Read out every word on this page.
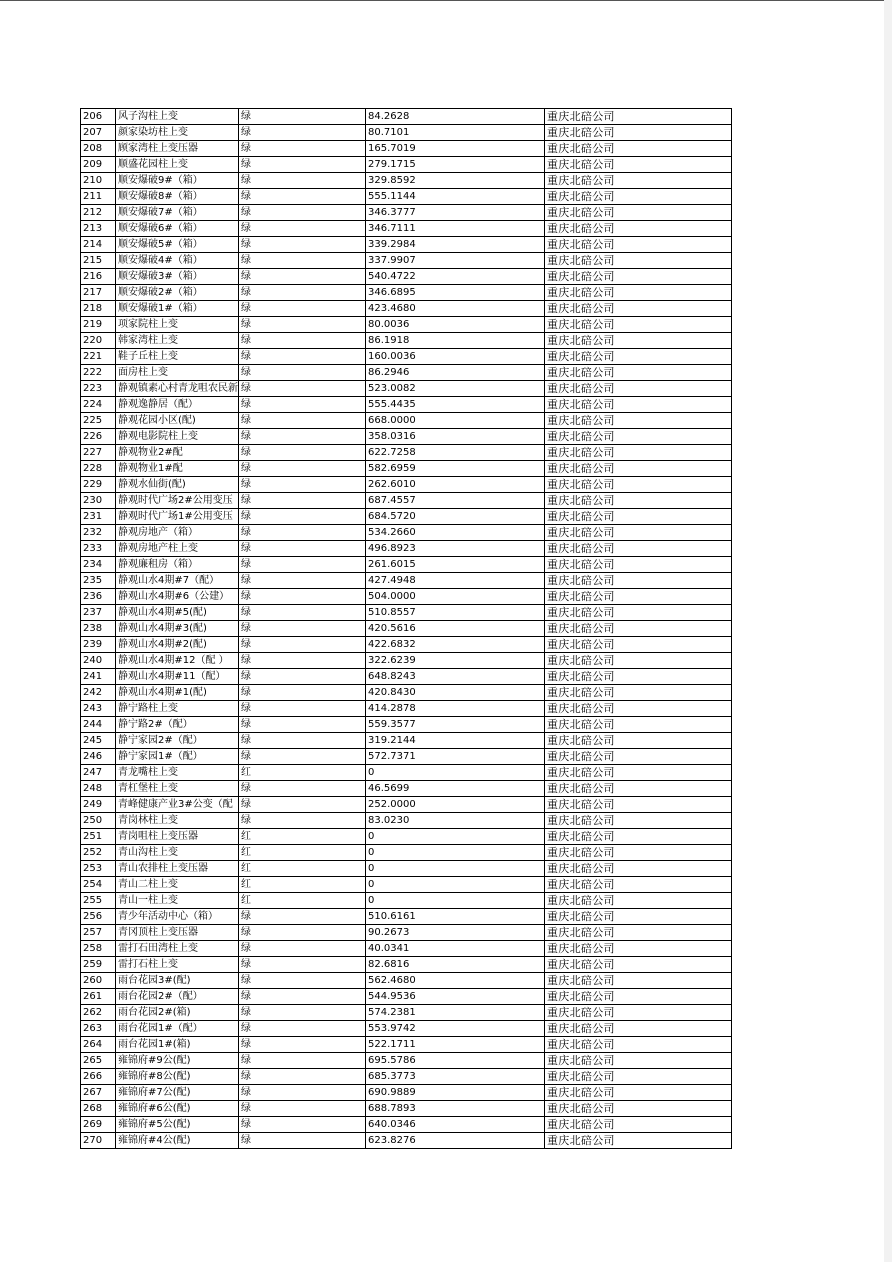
206	风子沟柱上变	绿	84.2628	重庆北碚公司
207	颜家染坊柱上变	绿	80.7101	重庆北碚公司
208	顾家湾柱上变压器	绿	165.7019	重庆北碚公司
209	顺盛花园柱上变	绿	279.1715	重庆北碚公司
210	顺安爆破9#（箱）	绿	329.8592	重庆北碚公司
211	顺安爆破8#（箱）	绿	555.1144	重庆北碚公司
212	顺安爆破7#（箱）	绿	346.3777	重庆北碚公司
213	顺安爆破6#（箱）	绿	346.7111	重庆北碚公司
214	顺安爆破5#（箱）	绿	339.2984	重庆北碚公司
215	顺安爆破4#（箱）	绿	337.9907	重庆北碚公司
216	顺安爆破3#（箱）	绿	540.4722	重庆北碚公司
217	顺安爆破2#（箱）	绿	346.6895	重庆北碚公司
218	顺安爆破1#（箱）	绿	423.4680	重庆北碚公司
219	项家院柱上变	绿	80.0036	重庆北碚公司
220	韩家湾柱上变	绿	86.1918	重庆北碚公司
221	鞋子丘柱上变	绿	160.0036	重庆北碚公司
222	面房柱上变	绿	86.2946	重庆北碚公司
223	静观镇素心村青龙咀农民新	绿	523.0082	重庆北碚公司
224	静观逸静居（配）	绿	555.4435	重庆北碚公司
225	静观花园小区(配)	绿	668.0000	重庆北碚公司
226	静观电影院柱上变	绿	358.0316	重庆北碚公司
227	静观物业2#配	绿	622.7258	重庆北碚公司
228	静观物业1#配	绿	582.6959	重庆北碚公司
229	静观水仙街(配)	绿	262.6010	重庆北碚公司
230	静观时代广场2#公用变压	绿	687.4557	重庆北碚公司
231	静观时代广场1#公用变压	绿	684.5720	重庆北碚公司
232	静观房地产（箱）	绿	534.2660	重庆北碚公司
233	静观房地产柱上变	绿	496.8923	重庆北碚公司
234	静观廉租房（箱）	绿	261.6015	重庆北碚公司
235	静观山水4期#7（配）	绿	427.4948	重庆北碚公司
236	静观山水4期#6（公建）	绿	504.0000	重庆北碚公司
237	静观山水4期#5(配)	绿	510.8557	重庆北碚公司
238	静观山水4期#3(配)	绿	420.5616	重庆北碚公司
239	静观山水4期#2(配)	绿	422.6832	重庆北碚公司
240	静观山水4期#12（配 ）	绿	322.6239	重庆北碚公司
241	静观山水4期#11（配）	绿	648.8243	重庆北碚公司
242	静观山水4期#1(配)	绿	420.8430	重庆北碚公司
243	静宁路柱上变	绿	414.2878	重庆北碚公司
244	静宁路2#（配）	绿	559.3577	重庆北碚公司
245	静宁家园2#（配）	绿	319.2144	重庆北碚公司
246	静宁家园1#（配）	绿	572.7371	重庆北碚公司
247	青龙嘴柱上变	红	0	重庆北碚公司
248	青杠堡柱上变	绿	46.5699	重庆北碚公司
249	青峰健康产业3#公变（配	绿	252.0000	重庆北碚公司
250	青岗林柱上变	绿	83.0230	重庆北碚公司
251	青岗咀柱上变压器	红	0	重庆北碚公司
252	青山沟柱上变	红	0	重庆北碚公司
253	青山农排柱上变压器	红	0	重庆北碚公司
254	青山二柱上变	红	0	重庆北碚公司
255	青山一柱上变	红	0	重庆北碚公司
256	青少年活动中心（箱）	绿	510.6161	重庆北碚公司
257	青冈顶柱上变压器	绿	90.2673	重庆北碚公司
258	雷打石田湾柱上变	绿	40.0341	重庆北碚公司
259	雷打石柱上变	绿	82.6816	重庆北碚公司
260	雨台花园3#(配)	绿	562.4680	重庆北碚公司
261	雨台花园2#（配）	绿	544.9536	重庆北碚公司
262	雨台花园2#(箱)	绿	574.2381	重庆北碚公司
263	雨台花园1#（配）	绿	553.9742	重庆北碚公司
264	雨台花园1#(箱)	绿	522.1711	重庆北碚公司
265	雍锦府#9公(配)	绿	695.5786	重庆北碚公司
266	雍锦府#8公(配)	绿	685.3773	重庆北碚公司
267	雍锦府#7公(配)	绿	690.9889	重庆北碚公司
268	雍锦府#6公(配)	绿	688.7893	重庆北碚公司
269	雍锦府#5公(配)	绿	640.0346	重庆北碚公司
270	雍锦府#4公(配)	绿	623.8276	重庆北碚公司
